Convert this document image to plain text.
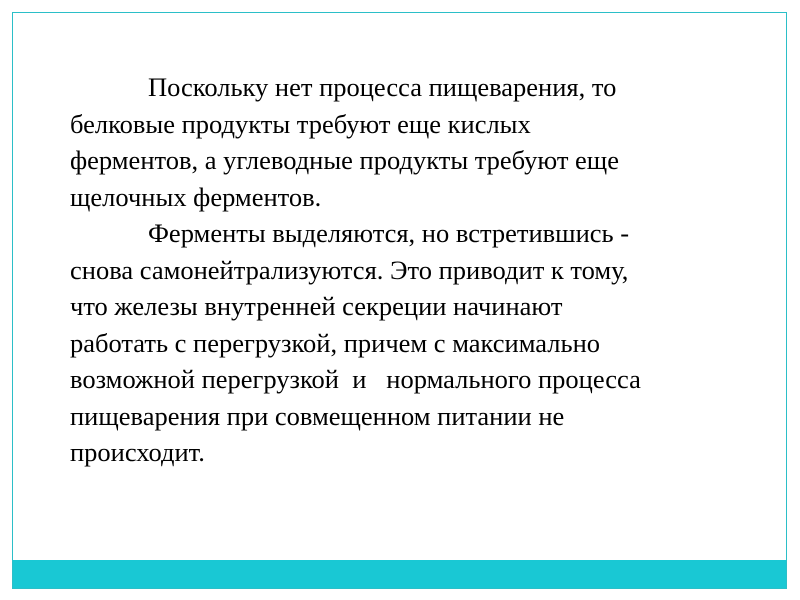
Поскольку нет процесса пищеварения, то
белковые продукты требуют еще кислых
ферментов, а углеводные продукты требуют еще
щелочных ферментов.

Ферменты выделяются, но встретившись -
снова самонейтрализуются. Это приводит к тому,
что железы внутренней секреции начинают
работать с перегрузкой, причем с максимально
возможной перегрузкой  и   нормального процесса
пищеварения при совмещенном питании не
происходит.
